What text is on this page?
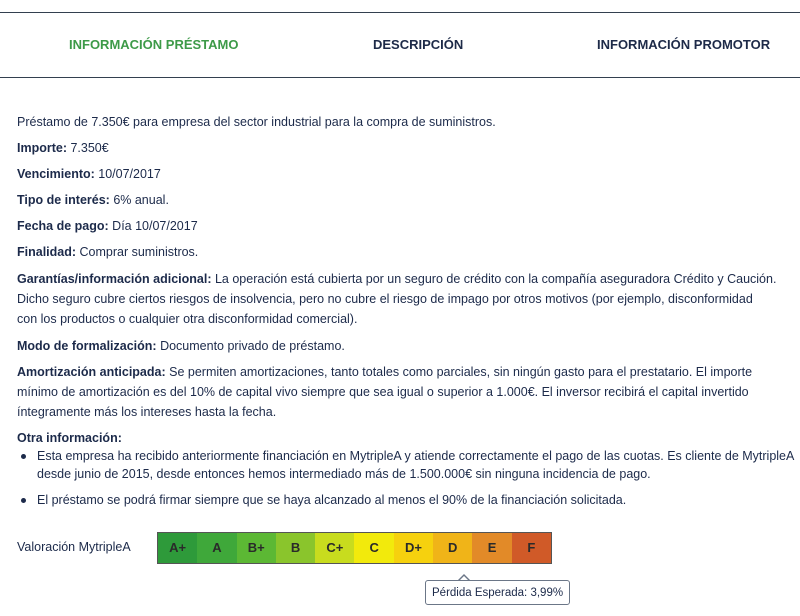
INFORMACIÓN PRÉSTAMO	DESCRIPCIÓN	INFORMACIÓN PROMOTOR
Préstamo de 7.350€ para empresa del sector industrial para la compra de suministros.
Importe: 7.350€
Vencimiento: 10/07/2017
Tipo de interés: 6% anual.
Fecha de pago: Día 10/07/2017
Finalidad: Comprar suministros.
Garantías/información adicional: La operación está cubierta por un seguro de crédito con la compañía aseguradora Crédito y Caución.
Dicho seguro cubre ciertos riesgos de insolvencia, pero no cubre el riesgo de impago por otros motivos (por ejemplo, disconformidad
con los productos o cualquier otra disconformidad comercial).
Modo de formalización: Documento privado de préstamo.
Amortización anticipada: Se permiten amortizaciones, tanto totales como parciales, sin ningún gasto para el prestatario. El importe
mínimo de amortización es del 10% de capital vivo siempre que sea igual o superior a 1.000€. El inversor recibirá el capital invertido
íntegramente más los intereses hasta la fecha.
Otra información:
Esta empresa ha recibido anteriormente financiación en MytripleA y atiende correctamente el pago de las cuotas. Es cliente de MytripleA
desde junio de 2015, desde entonces hemos intermediado más de 1.500.000€ sin ninguna incidencia de pago.
El préstamo se podrá firmar siempre que se haya alcanzado al menos el 90% de la financiación solicitada.
Valoración MytripleA	A+	A	B+	B	C+	C	D+	D	E	F
Pérdida Esperada: 3,99%
